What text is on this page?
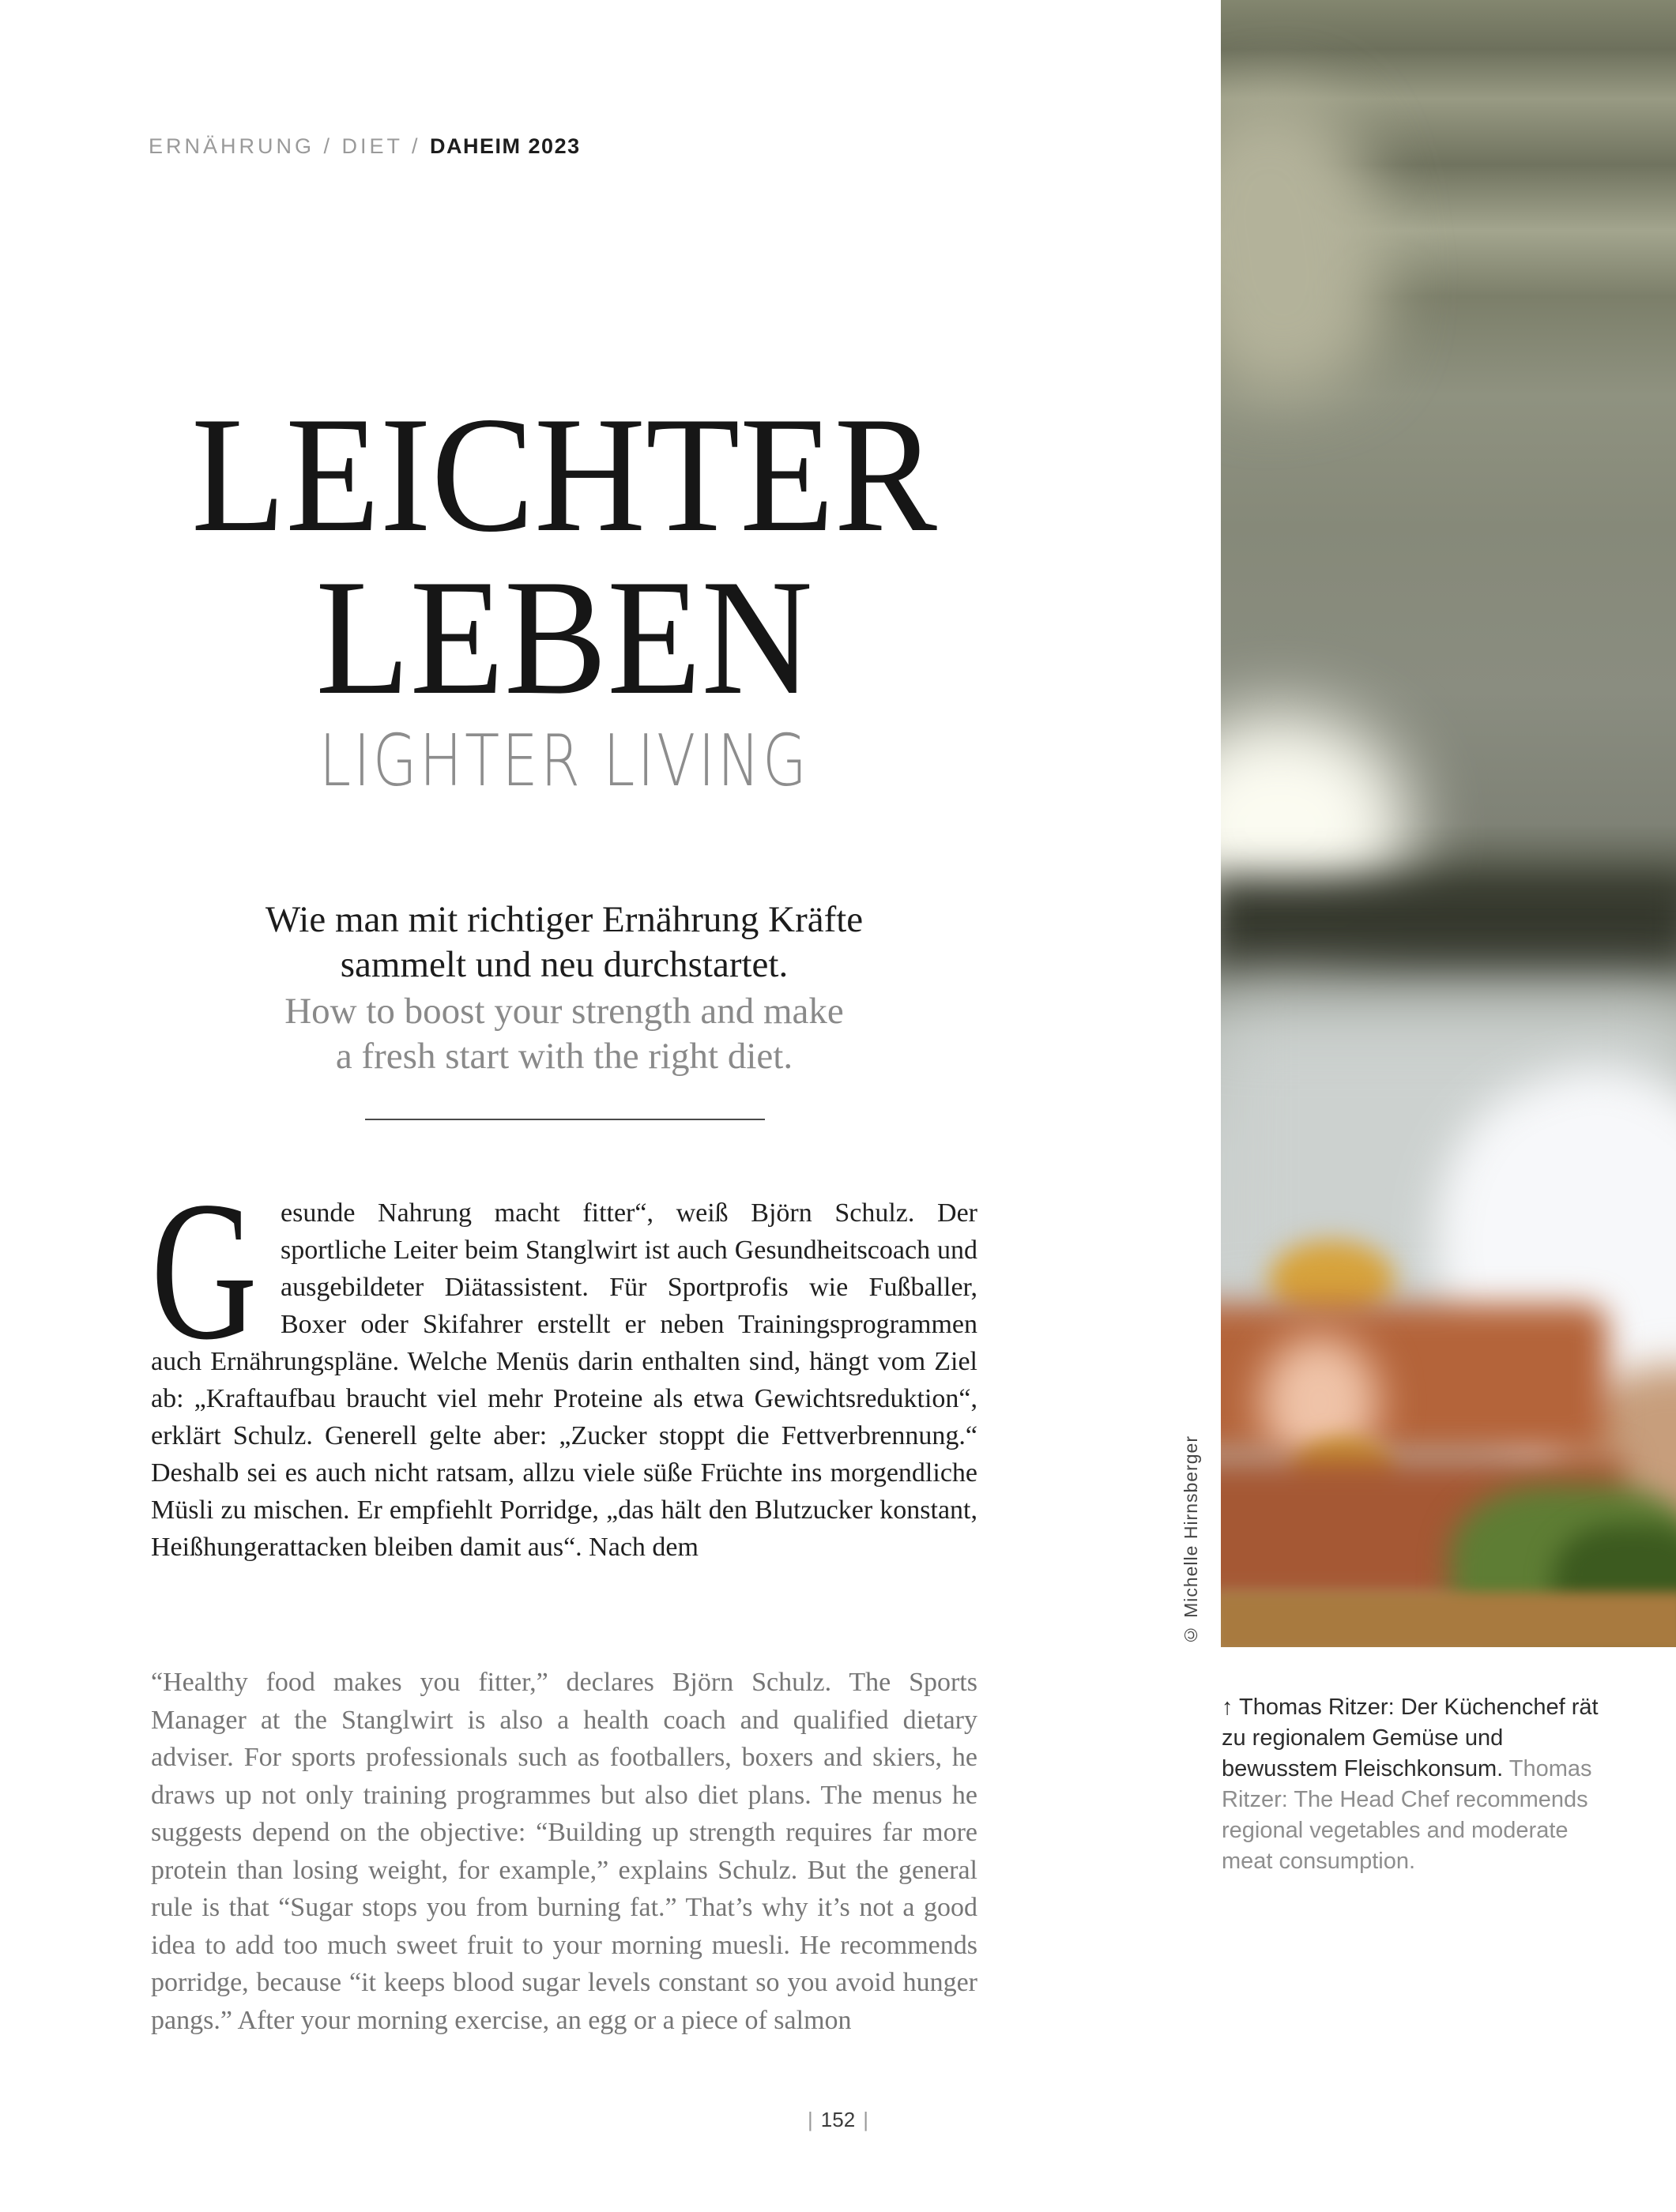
ERNÄHRUNG / DIET / DAHEIM 2023
© Michelle Hirnsberger
LEICHTER
LEBEN
LIGHTER LIVING
Wie man mit richtiger Ernährung Kräfte
sammelt und neu durchstartet.
How to boost your strength and make
a fresh start with the right diet.

G esunde Nahrung macht fitter“, weiß Björn Schulz. Der sportliche Leiter beim Stanglwirt ist auch Gesundheitscoach und ausgebildeter Diätassistent. Für Sportprofis wie Fußballer, Boxer oder Skifahrer erstellt er neben Trainingsprogrammen auch Ernährungspläne. Welche Menüs darin enthalten sind, hängt vom Ziel ab: „Kraftaufbau braucht viel mehr Proteine als etwa Gewichtsreduktion“, erklärt Schulz. Generell gelte aber: „Zucker stoppt die Fettverbrennung.“ Deshalb sei es auch nicht ratsam, allzu viele süße Früchte ins morgendliche Müsli zu mischen. Er empfiehlt Porridge, „das hält den Blutzucker konstant, Heißhungerattacken bleiben damit aus“. Nach dem

“Healthy food makes you fitter,” declares Björn Schulz. The Sports Manager at the Stanglwirt is also a health coach and qualified dietary adviser. For sports professionals such as footballers, boxers and skiers, he draws up not only training programmes but also diet plans. The menus he suggests depend on the objective: “Building up strength requires far more protein than losing weight, for example,” explains Schulz. But the general rule is that “Sugar stops you from burning fat.” That’s why it’s not a good idea to add too much sweet fruit to your morning muesli. He recommends porridge, because “it keeps blood sugar levels constant so you avoid hunger pangs.” After your morning exercise, an egg or a piece of salmon

↑ Thomas Ritzer: Der Küchenchef rät zu regionalem Gemüse und bewusstem Fleischkonsum. Thomas Ritzer: The Head Chef recommends regional vegetables and moderate meat consumption.
| 152 |
